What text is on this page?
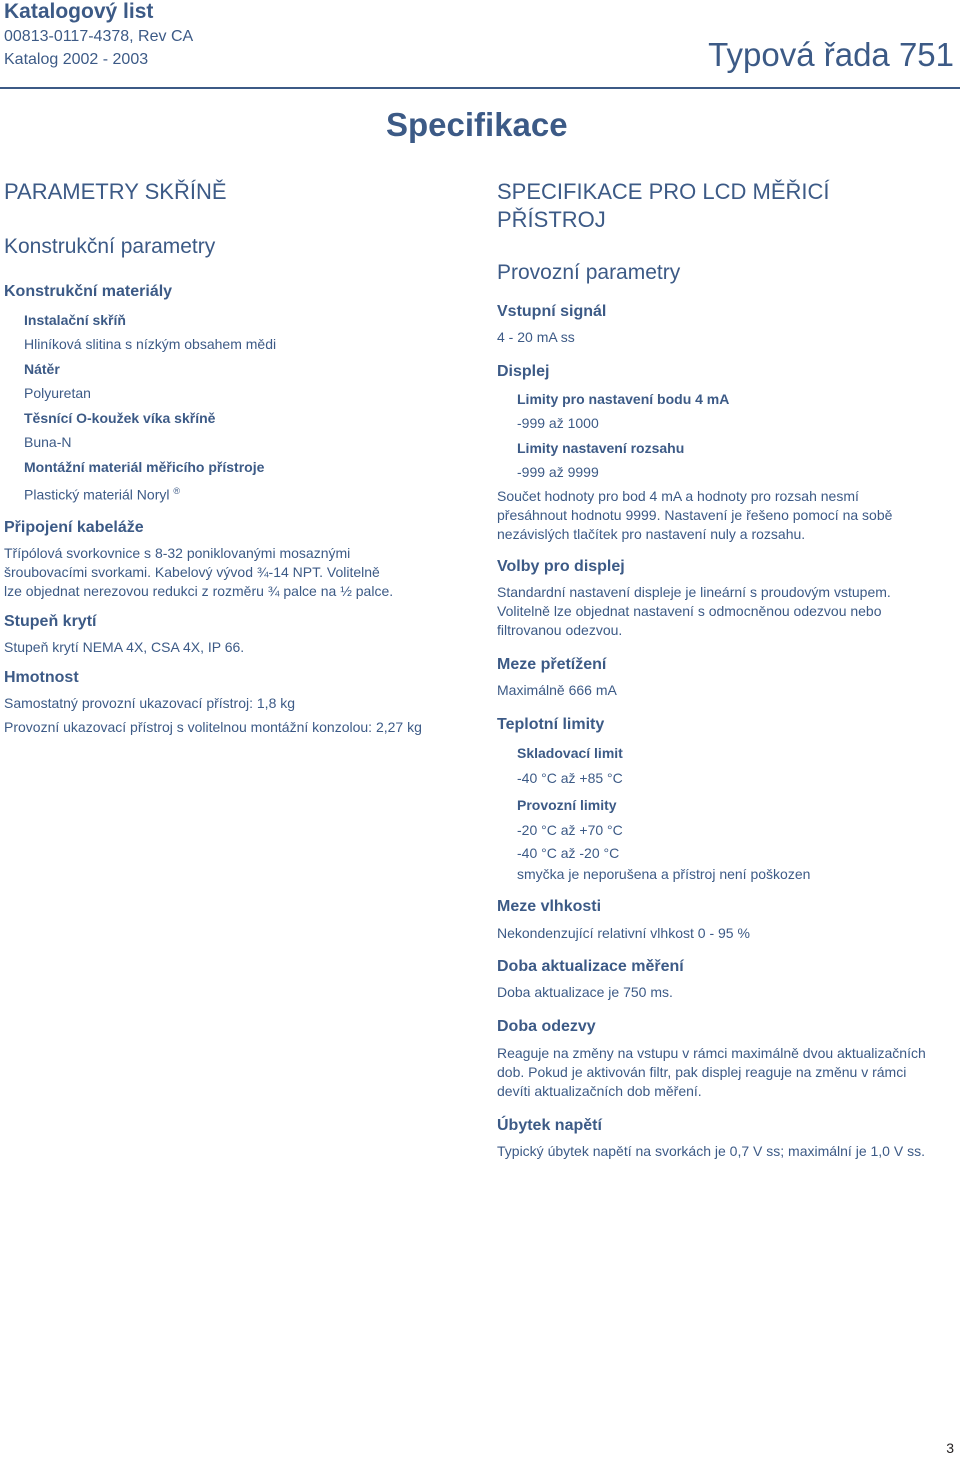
Katalogový list
00813-0117-4378, Rev CA
Katalog 2002 - 2003	Typová řada 751
Specifikace
PARAMETRY SKŘÍNĚ
Konstrukční parametry
Konstrukční materiály
Instalační skříň
Hliníková slitina s nízkým obsahem mědi
Nátěr
Polyuretan
Těsnící O-koužek víka skříně
Buna-N
Montážní materiál měřicího přístroje
Plastický materiál Noryl ®
Připojení kabeláže
Třípólová svorkovnice s 8-32 poniklovanými mosaznými
šroubovacími svorkami. Kabelový vývod ¾-14 NPT. Volitelně
lze objednat nerezovou redukci z rozměru ¾ palce na ½ palce.
Stupeň krytí
Stupeň krytí NEMA 4X, CSA 4X, IP 66.
Hmotnost
Samostatný provozní ukazovací přístroj: 1,8 kg
Provozní ukazovací přístroj s volitelnou montážní konzolou: 2,27 kg
SPECIFIKACE PRO LCD MĚŘICÍ
PŘÍSTROJ
Provozní parametry
Vstupní signál
4 - 20 mA ss
Displej
Limity pro nastavení bodu 4 mA
-999 až 1000
Limity nastavení rozsahu
-999 až 9999
Součet hodnoty pro bod 4 mA a hodnoty pro rozsah nesmí
přesáhnout hodnotu 9999. Nastavení je řešeno pomocí na sobě
nezávislých tlačítek pro nastavení nuly a rozsahu.
Volby pro displej
Standardní nastavení displeje je lineární s proudovým vstupem.
Volitelně lze objednat nastavení s odmocněnou odezvou nebo
filtrovanou odezvou.
Meze přetížení
Maximálně 666 mA
Teplotní limity
Skladovací limit
-40 °C až +85 °C
Provozní limity
-20 °C až +70 °C
-40 °C až -20 °C
smyčka je neporušena a přístroj není poškozen
Meze vlhkosti
Nekondenzující relativní vlhkost 0 - 95 %
Doba aktualizace měření
Doba aktualizace je 750 ms.
Doba odezvy
Reaguje na změny na vstupu v rámci maximálně dvou aktualizačních
dob. Pokud je aktivován filtr, pak displej reaguje na změnu v rámci
devíti aktualizačních dob měření.
Úbytek napětí
Typický úbytek napětí na svorkách je 0,7 V ss; maximální je 1,0 V ss.
3
